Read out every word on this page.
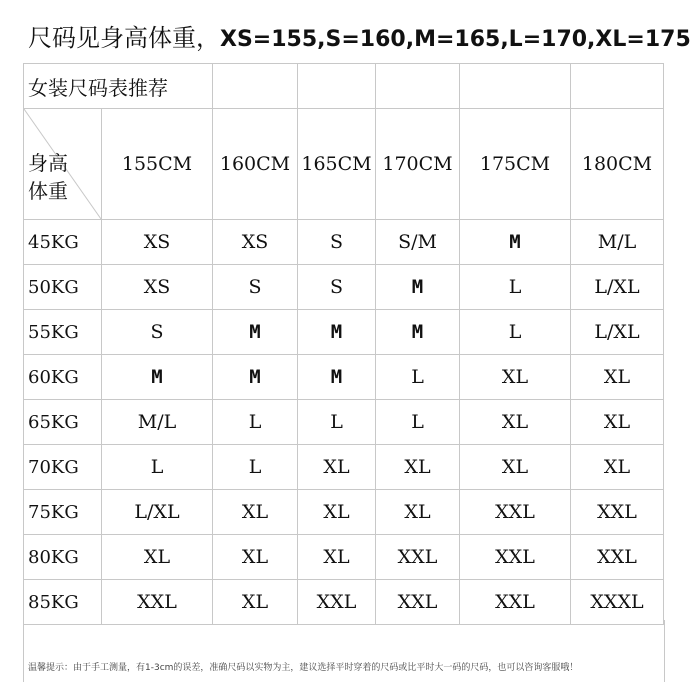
尺码见身高体重，XS=155,S=160,M=165,L=170,XL=175
女装尺码表推荐						

身高
体重	155CM	160CM	165CM	170CM	175CM	180CM
45KG	XS	XS	S	S/M	M	M/L
50KG	XS	S	S	M	L	L/XL
55KG	S	M	M	M	L	L/XL
60KG	M	M	M	L	XL	XL
65KG	M/L	L	L	L	XL	XL
70KG	L	L	XL	XL	XL	XL
75KG	L/XL	XL	XL	XL	XXL	XXL
80KG	XL	XL	XL	XXL	XXL	XXL
85KG	XXL	XL	XXL	XXL	XXL	XXXL
温馨提示：由于手工测量，有1-3cm的误差，准确尺码以实物为主，建议选择平时穿着的尺码或比平时大一码的尺码，也可以咨询客服哦！
